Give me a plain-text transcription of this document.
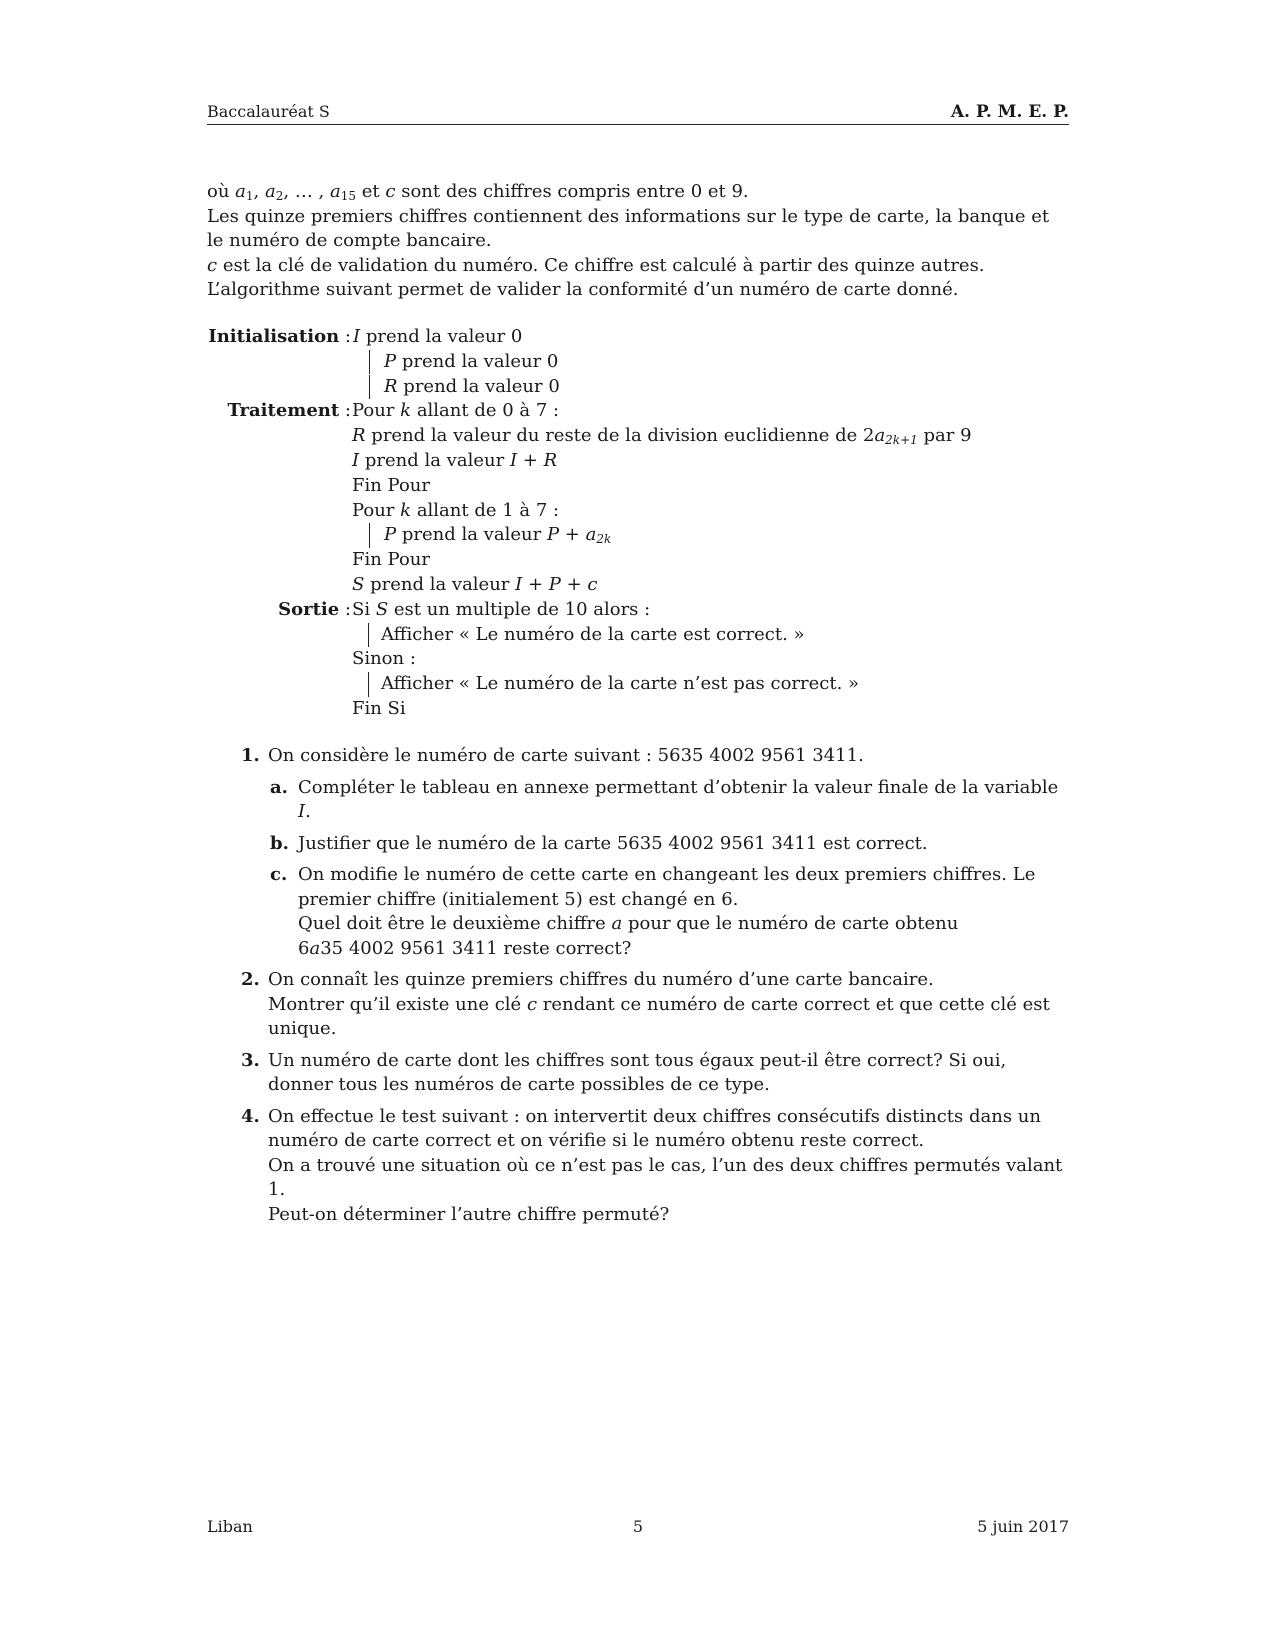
Baccalauréat S	A. P. M. E. P.

où $a_1$, $a_2$, … , $a_{15}$ et c sont des chiffres compris entre 0 et 9.

Les quinze premiers chiffres contiennent des informations sur le type de carte, la banque et le numéro de compte bancaire.

c est la clé de validation du numéro. Ce chiffre est calculé à partir des quinze autres.

L’algorithme suivant permet de valider la conformité d’un numéro de carte donné.

Initialisation : I prend la valeur 0
P prend la valeur 0
R prend la valeur 0
Traitement : Pour k allant de 0 à 7 :
R prend la valeur du reste de la division euclidienne de $2a_{2k+1}$ par 9
I prend la valeur I + R
Fin Pour
Pour k allant de 1 à 7 :
P prend la valeur $P + a_{2k}$
Fin Pour
S prend la valeur I + P + c
Sortie : Si S est un multiple de 10 alors :
Afficher « Le numéro de la carte est correct. »
Sinon :
Afficher « Le numéro de la carte n’est pas correct. »
Fin Si
1. On considère le numéro de carte suivant : 5635 4002 9561 3411.

a. Compléter le tableau en annexe permettant d’obtenir la valeur finale de la variable I.

b. Justifier que le numéro de la carte 5635 4002 9561 3411 est correct.

c. On modifie le numéro de cette carte en changeant les deux premiers chiffres. Le premier chiffre (initialement 5) est changé en 6.

Quel doit être le deuxième chiffre a pour que le numéro de carte obtenu

6a35 4002 9561 3411 reste correct?

2. On connaît les quinze premiers chiffres du numéro d’une carte bancaire.

Montrer qu’il existe une clé c rendant ce numéro de carte correct et que cette clé est unique.

3. Un numéro de carte dont les chiffres sont tous égaux peut-il être correct? Si oui, donner tous les numéros de carte possibles de ce type.

4. On effectue le test suivant : on intervertit deux chiffres consécutifs distincts dans un numéro de carte correct et on vérifie si le numéro obtenu reste correct.

On a trouvé une situation où ce n’est pas le cas, l’un des deux chiffres permutés valant 1.

Peut-on déterminer l’autre chiffre permuté?

Liban	5	5 juin 2017
